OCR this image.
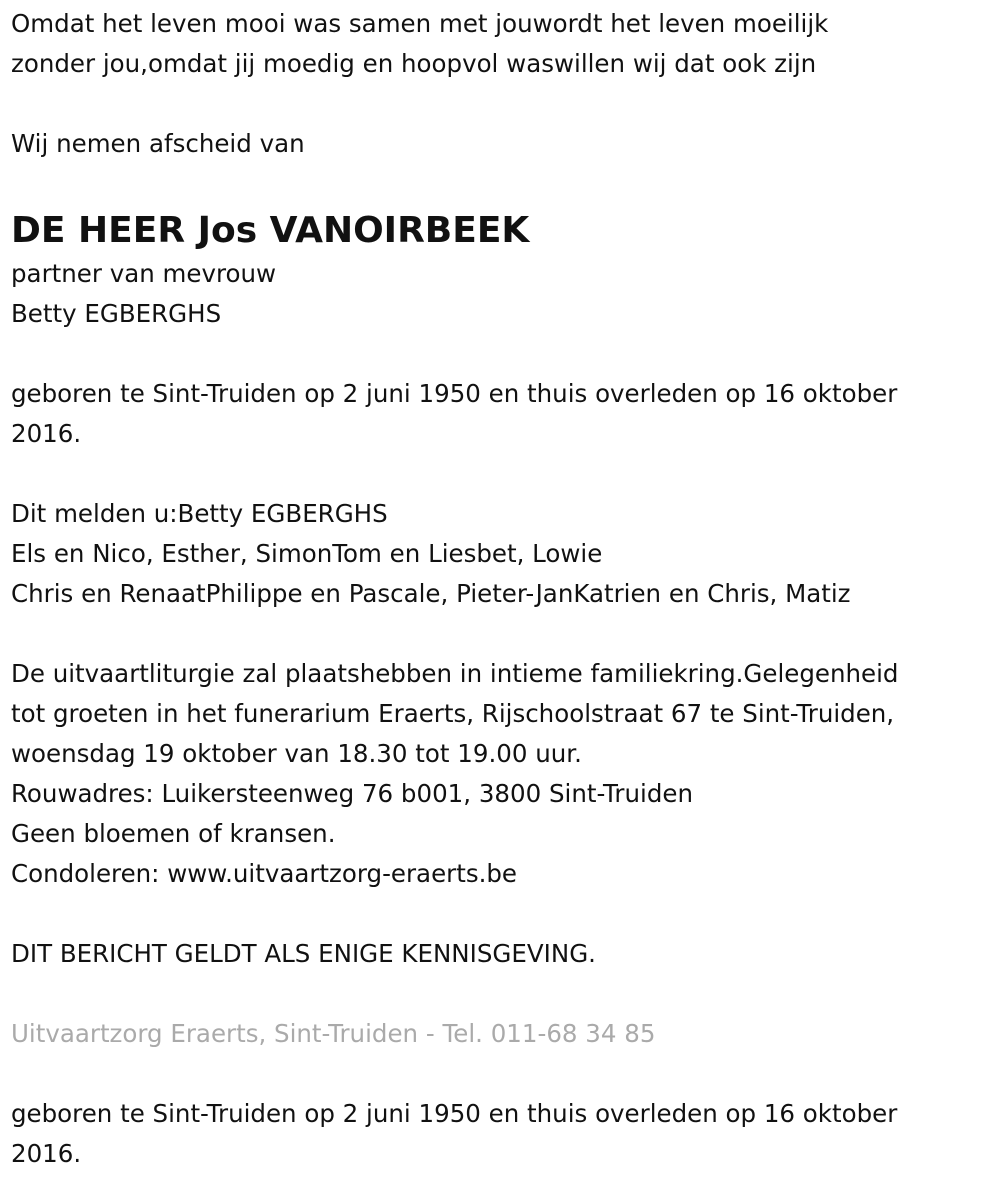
Omdat het leven mooi was samen met jouwordt het leven moeilijk

zonder jou,omdat jij moedig en hoopvol waswillen wij dat ook zijn

Wij nemen afscheid van

DE HEER Jos VANOIRBEEK

partner van mevrouw

Betty EGBERGHS

geboren te Sint-Truiden op 2 juni 1950 en thuis overleden op 16 oktober

2016.

Dit melden u:Betty EGBERGHS

Els en Nico, Esther, SimonTom en Liesbet, Lowie

Chris en RenaatPhilippe en Pascale, Pieter-JanKatrien en Chris, Matiz

De uitvaartliturgie zal plaatshebben in intieme familiekring.Gelegenheid

tot groeten in het funerarium Eraerts, Rijschoolstraat 67 te Sint-Truiden,

woensdag 19 oktober van 18.30 tot 19.00 uur.

Rouwadres: Luikersteenweg 76 b001, 3800 Sint-Truiden

Geen bloemen of kransen.

Condoleren: www.uitvaartzorg-eraerts.be

DIT BERICHT GELDT ALS ENIGE KENNISGEVING.

Uitvaartzorg Eraerts, Sint-Truiden - Tel. 011-68 34 85

geboren te Sint-Truiden op 2 juni 1950 en thuis overleden op 16 oktober

2016.
